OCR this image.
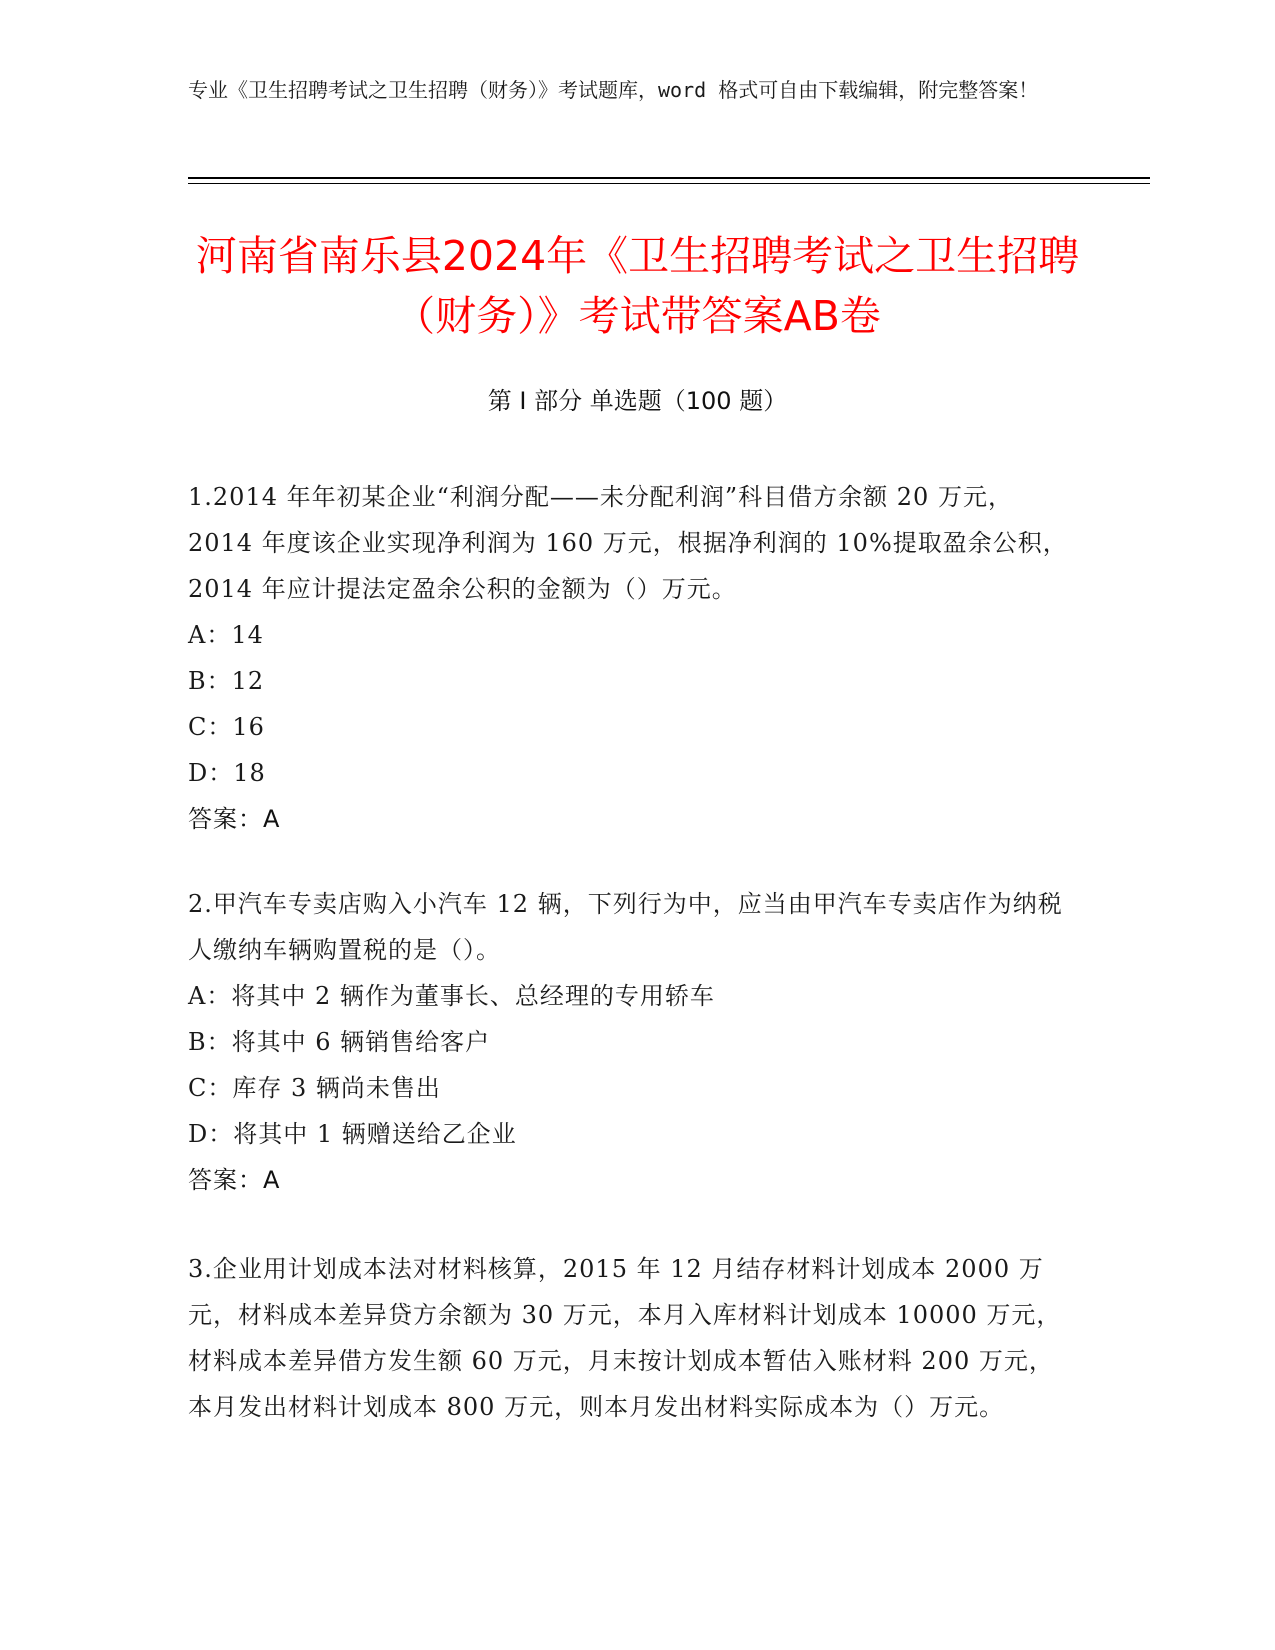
专业《卫生招聘考试之卫生招聘（财务）》考试题库，word 格式可自由下载编辑，附完整答案！
河南省南乐县2024年《卫生招聘考试之卫生招聘（财务）》考试带答案AB卷
第 I 部分 单选题（100 题）
1.2014 年年初某企业“利润分配——未分配利润”科目借方余额 20 万元，2014 年度该企业实现净利润为 160 万元，根据净利润的 10%提取盈余公积，2014 年应计提法定盈余公积的金额为（）万元。
A：14
B：12
C：16
D：18
答案：A
2.甲汽车专卖店购入小汽车 12 辆，下列行为中，应当由甲汽车专卖店作为纳税人缴纳车辆购置税的是（）。
A：将其中 2 辆作为董事长、总经理的专用轿车
B：将其中 6 辆销售给客户
C：库存 3 辆尚未售出
D：将其中 1 辆赠送给乙企业
答案：A
3.企业用计划成本法对材料核算，2015 年 12 月结存材料计划成本 2000 万元，材料成本差异贷方余额为 30 万元，本月入库材料计划成本 10000 万元，材料成本差异借方发生额 60 万元，月末按计划成本暂估入账材料 200 万元，本月发出材料计划成本 800 万元，则本月发出材料实际成本为（）万元。
